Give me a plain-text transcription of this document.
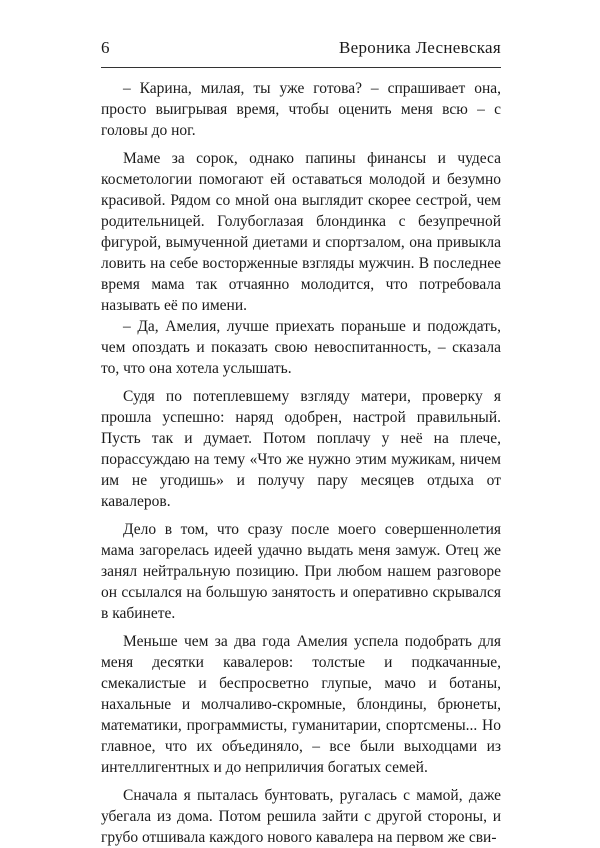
6	Вероника Лесневская

– Карина, милая, ты уже готова? – спрашивает она, просто выигрывая время, чтобы оценить меня всю – с головы до ног.

Маме за сорок, однако папины финансы и чудеса косметологии помогают ей оставаться молодой и безумно красивой. Рядом со мной она выглядит скорее сестрой, чем родительницей. Голубоглазая блондинка с безупречной фигурой, вымученной диетами и спортзалом, она привыкла ловить на себе восторженные взгляды мужчин. В последнее время мама так отчаянно молодится, что потребовала называть её по имени.

– Да, Амелия, лучше приехать пораньше и подождать, чем опоздать и показать свою невоспитанность, – сказала то, что она хотела услышать.

Судя по потеплевшему взгляду матери, проверку я прошла успешно: наряд одобрен, настрой правильный. Пусть так и думает. Потом поплачу у неё на плече, порассуждаю на тему «Что же нужно этим мужикам, ничем им не угодишь» и получу пару месяцев отдыха от кавалеров.

Дело в том, что сразу после моего совершеннолетия мама загорелась идеей удачно выдать меня замуж. Отец же занял нейтральную позицию. При любом нашем разговоре он ссылался на большую занятость и оперативно скрывался в кабинете.

Меньше чем за два года Амелия успела подобрать для меня десятки кавалеров: толстые и подкачанные, смекалистые и беспросветно глупые, мачо и ботаны, нахальные и молчаливо-скромные, блондины, брюнеты, математики, программисты, гуманитарии, спортсмены... Но главное, что их объединяло, – все были выходцами из интеллигентных и до неприличия богатых семей.

Сначала я пыталась бунтовать, ругалась с мамой, даже убегала из дома. Потом решила зайти с другой стороны, и грубо отшивала каждого нового кавалера на первом же сви-
